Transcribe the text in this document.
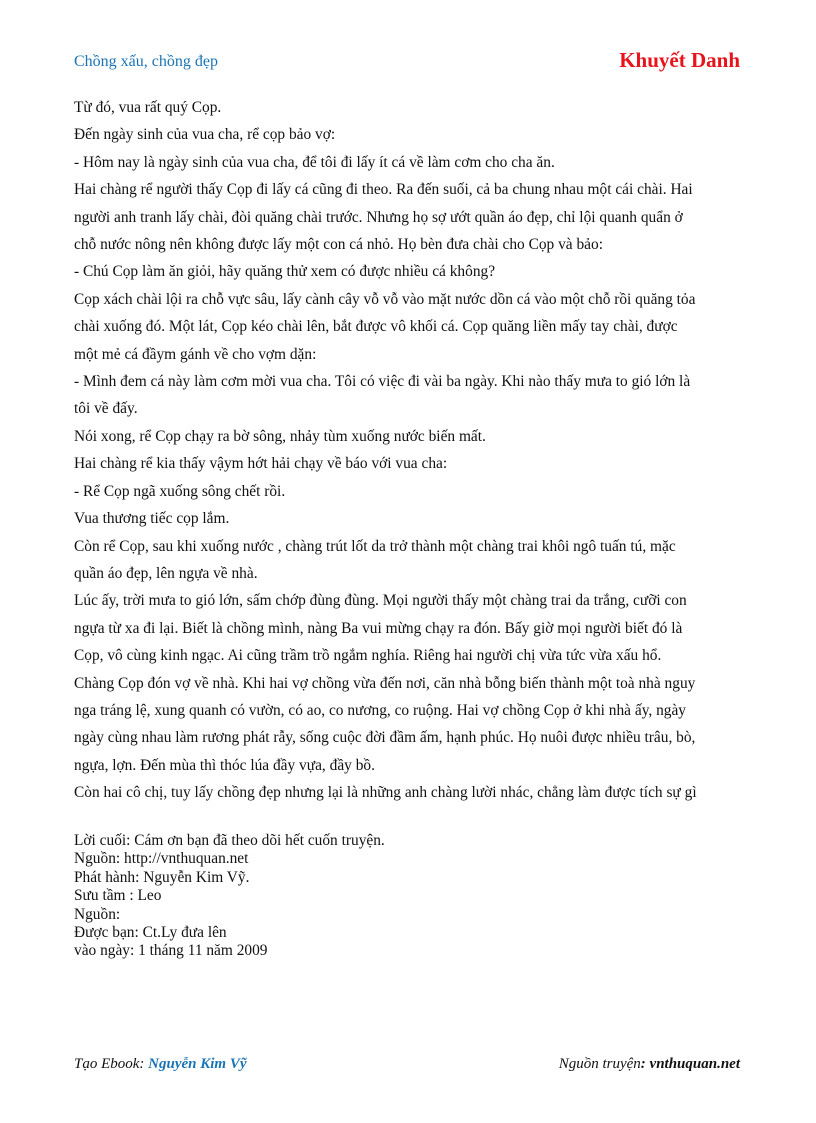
Chồng xấu, chồng đẹp	Khuyết Danh

Từ đó, vua rất quý Cọp.

Đến ngày sinh của vua cha, rể cọp bảo vợ:

- Hôm nay là ngày sinh của vua cha, để tôi đi lấy ít cá về làm cơm cho cha ăn.

Hai chàng rể người thấy Cọp đi lấy cá cũng đi theo. Ra đến suối, cả ba chung nhau một cái chài. Hai

người anh tranh lấy chài, đòi quăng chài trước. Nhưng họ sợ ướt quần áo đẹp, chỉ lội quanh quẩn ở

chỗ nước nông nên không được lấy một con cá nhỏ. Họ bèn đưa chài cho Cọp và bảo:

- Chú Cọp làm ăn giỏi, hãy quăng thử xem có được nhiều cá không?

Cọp xách chài lội ra chỗ vực sâu, lấy cành cây vỗ vỗ vào mặt nước dồn cá vào một chỗ rồi quăng tỏa

chài xuống đó. Một lát, Cọp kéo chài lên, bắt được vô khối cá. Cọp quăng liền mấy tay chài, được

một mẻ cá đầym gánh về cho vợm dặn:

- Mình đem cá này làm cơm mời vua cha. Tôi có việc đi vài ba ngày. Khi nào thấy mưa to gió lớn là

tôi về đấy.

Nói xong, rể Cọp chạy ra bờ sông, nhảy tùm xuống nước biến mất.

Hai chàng rể kia thấy vậym hớt hải chạy về báo với vua cha:

- Rể Cọp ngã xuống sông chết rồi.

Vua thương tiếc cọp lắm.

Còn rể Cọp, sau khi xuống nước , chàng trút lốt da trở thành một chàng trai khôi ngô tuấn tú, mặc

quần áo đẹp, lên ngựa về nhà.

Lúc ấy, trời mưa to gió lớn, sấm chớp đùng đùng. Mọi người thấy một chàng trai da trắng, cưỡi con

ngựa từ xa đi lại. Biết là chồng mình, nàng Ba vui mừng chạy ra đón. Bấy giờ mọi người biết đó là

Cọp, vô cùng kinh ngạc. Ai cũng trầm trồ ngắm nghía. Riêng hai người chị vừa tức vừa xấu hổ.

Chàng Cọp đón vợ về nhà. Khi hai vợ chồng vừa đến nơi, căn nhà bỗng biến thành một toà nhà nguy

nga tráng lệ, xung quanh có vườn, có ao, co nương, co ruộng. Hai vợ chồng Cọp ở khi nhà ấy, ngày

ngày cùng nhau làm rương phát rẫy, sống cuộc đời đầm ấm, hạnh phúc. Họ nuôi được nhiều trâu, bò,

ngựa, lợn. Đến mùa thì thóc lúa đầy vựa, đầy bồ.

Còn hai cô chị, tuy lấy chồng đẹp nhưng lại là những anh chàng lười nhác, chẳng làm được tích sự gì

Lời cuối: Cám ơn bạn đã theo dõi hết cuốn truyện.
Nguồn: http://vnthuquan.net
Phát hành: Nguyễn Kim Vỹ.
Sưu tầm : Leo
Nguồn:
Được bạn: Ct.Ly đưa lên
vào ngày: 1 tháng 11 năm 2009
Tạo Ebook: Nguyễn Kim Vỹ	Nguồn truyện: vnthuquan.net
